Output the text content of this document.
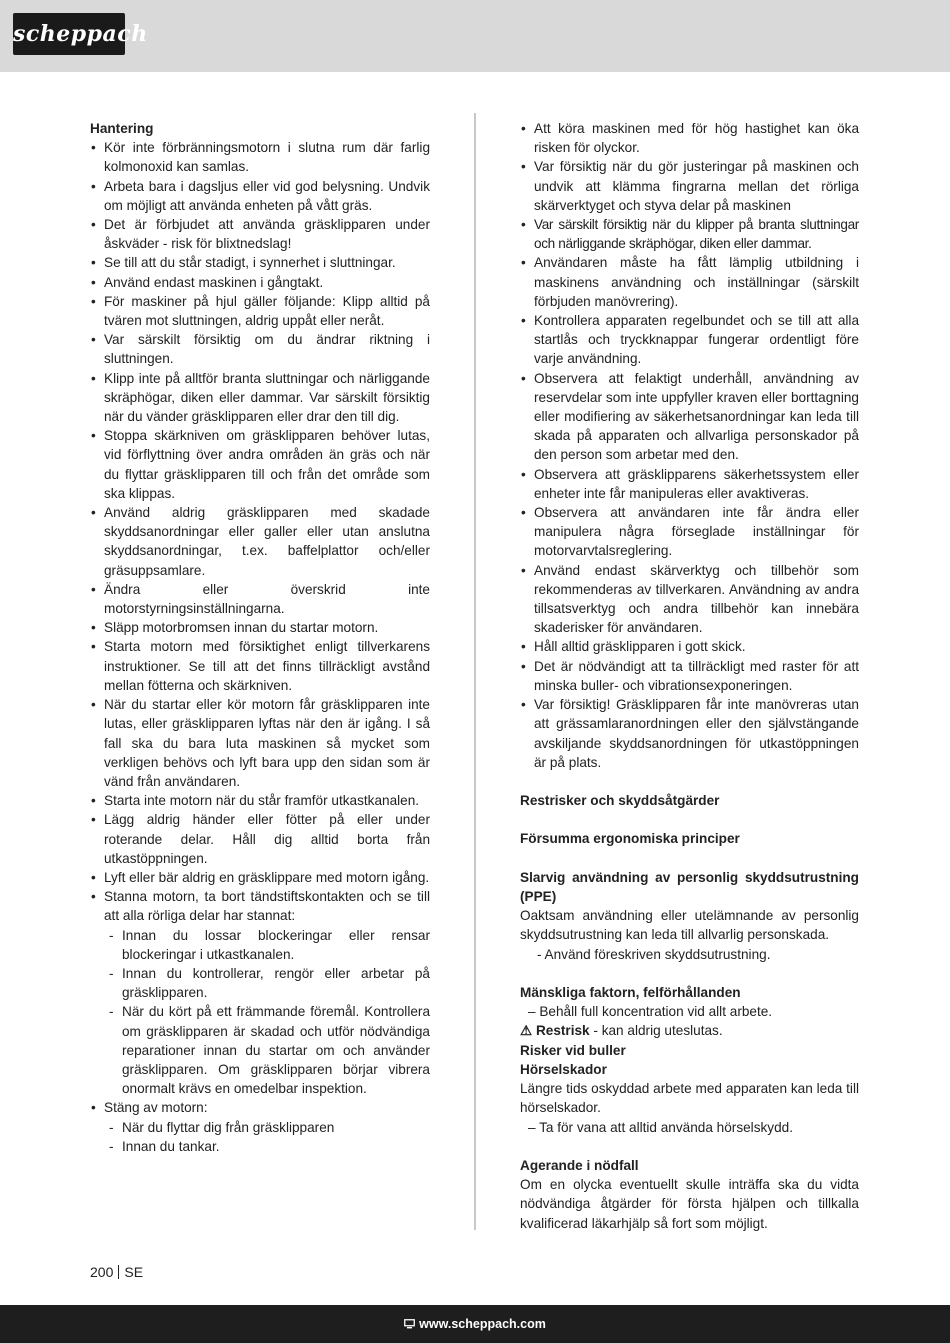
scheppach

Hantering

• Kör inte förbränningsmotorn i slutna rum där farlig kolmonoxid kan samlas.
• Arbeta bara i dagsljus eller vid god belysning. Undvik om möjligt att använda enheten på vått gräs.
• Det är förbjudet att använda gräsklipparen under åskväder - risk för blixtnedslag!
• Se till att du står stadigt, i synnerhet i sluttningar.
• Använd endast maskinen i gångtakt.
• För maskiner på hjul gäller följande: Klipp alltid på tvären mot sluttningen, aldrig uppåt eller neråt.
• Var särskilt försiktig om du ändrar riktning i sluttningen.
• Klipp inte på alltför branta sluttningar och närliggande skräphögar, diken eller dammar. Var särskilt försiktig när du vänder gräsklipparen eller drar den till dig.
• Stoppa skärkniven om gräsklipparen behöver lutas, vid förflyttning över andra områden än gräs och när du flyttar gräsklipparen till och från det område som ska klippas.
• Använd aldrig gräsklipparen med skadade skyddsanordningar eller galler eller utan anslutna skyddsanordningar, t.ex. baffelplattor och/eller gräsuppsamlare.
• Ändra eller överskrid inte motorstyrningsinställningarna.
• Släpp motorbromsen innan du startar motorn.
• Starta motorn med försiktighet enligt tillverkarens instruktioner. Se till att det finns tillräckligt avstånd mellan fötterna och skärkniven.
• När du startar eller kör motorn får gräsklipparen inte lutas, eller gräsklipparen lyftas när den är igång. I så fall ska du bara luta maskinen så mycket som verkligen behövs och lyft bara upp den sidan som är vänd från användaren.
• Starta inte motorn när du står framför utkastkanalen.
• Lägg aldrig händer eller fötter på eller under roterande delar. Håll dig alltid borta från utkastöppningen.
• Lyft eller bär aldrig en gräsklippare med motorn igång.
• Stanna motorn, ta bort tändstiftskontakten och se till att alla rörliga delar har stannat:
- Innan du lossar blockeringar eller rensar blockeringar i utkastkanalen.
- Innan du kontrollerar, rengör eller arbetar på gräsklipparen.
- När du kört på ett främmande föremål. Kontrollera om gräsklipparen är skadad och utför nödvändiga reparationer innan du startar om och använder gräsklipparen. Om gräsklipparen börjar vibrera onormalt krävs en omedelbar inspektion.
• Stäng av motorn:
- När du flyttar dig från gräsklipparen
- Innan du tankar.
• Att köra maskinen med för hög hastighet kan öka risken för olyckor.
• Var försiktig när du gör justeringar på maskinen och undvik att klämma fingrarna mellan det rörliga skärverktyget och styva delar på maskinen
• Var särskilt försiktig när du klipper på branta sluttningar och närliggande skräphögar, diken eller dammar.
• Användaren måste ha fått lämplig utbildning i maskinens användning och inställningar (särskilt förbjuden manövrering).
• Kontrollera apparaten regelbundet och se till att alla startlås och tryckknappar fungerar ordentligt före varje användning.
• Observera att felaktigt underhåll, användning av reservdelar som inte uppfyller kraven eller borttagning eller modifiering av säkerhetsanordningar kan leda till skada på apparaten och allvarliga personskador på den person som arbetar med den.
• Observera att gräsklipparens säkerhetssystem eller enheter inte får manipuleras eller avaktiveras.
• Observera att användaren inte får ändra eller manipulera några förseglade inställningar för motorvarvtalsreglering.
• Använd endast skärverktyg och tillbehör som rekommenderas av tillverkaren. Användning av andra tillsatsverktyg och andra tillbehör kan innebära skaderisker för användaren.
• Håll alltid gräsklipparen i gott skick.
• Det är nödvändigt att ta tillräckligt med raster för att minska buller- och vibrationsexponeringen.
• Var försiktig! Gräsklipparen får inte manövreras utan att grässamlaranordningen eller den självstängande avskiljande skyddsanordningen för utkastöppningen är på plats.

Restrisker och skyddsåtgärder

Försumma ergonomiska principer

Slarvig användning av personlig skyddsutrustning (PPE)

Oaktsam användning eller utelämnande av personlig skyddsutrustning kan leda till allvarlig personskada.

- Använd föreskriven skyddsutrustning.

Mänskliga faktorn, felförhållanden

– Behåll full koncentration vid allt arbete.

⚠ Restrisk - kan aldrig uteslutas.

Risker vid buller

Hörselskador

Längre tids oskyddad arbete med apparaten kan leda till hörselskador.

– Ta för vana att alltid använda hörselskydd.

Agerande i nödfall

Om en olycka eventuellt skulle inträffa ska du vidta nödvändiga åtgärder för första hjälpen och tillkalla kvalificerad läkarhjälp så fort som möjligt.

200 SE
www.scheppach.com
